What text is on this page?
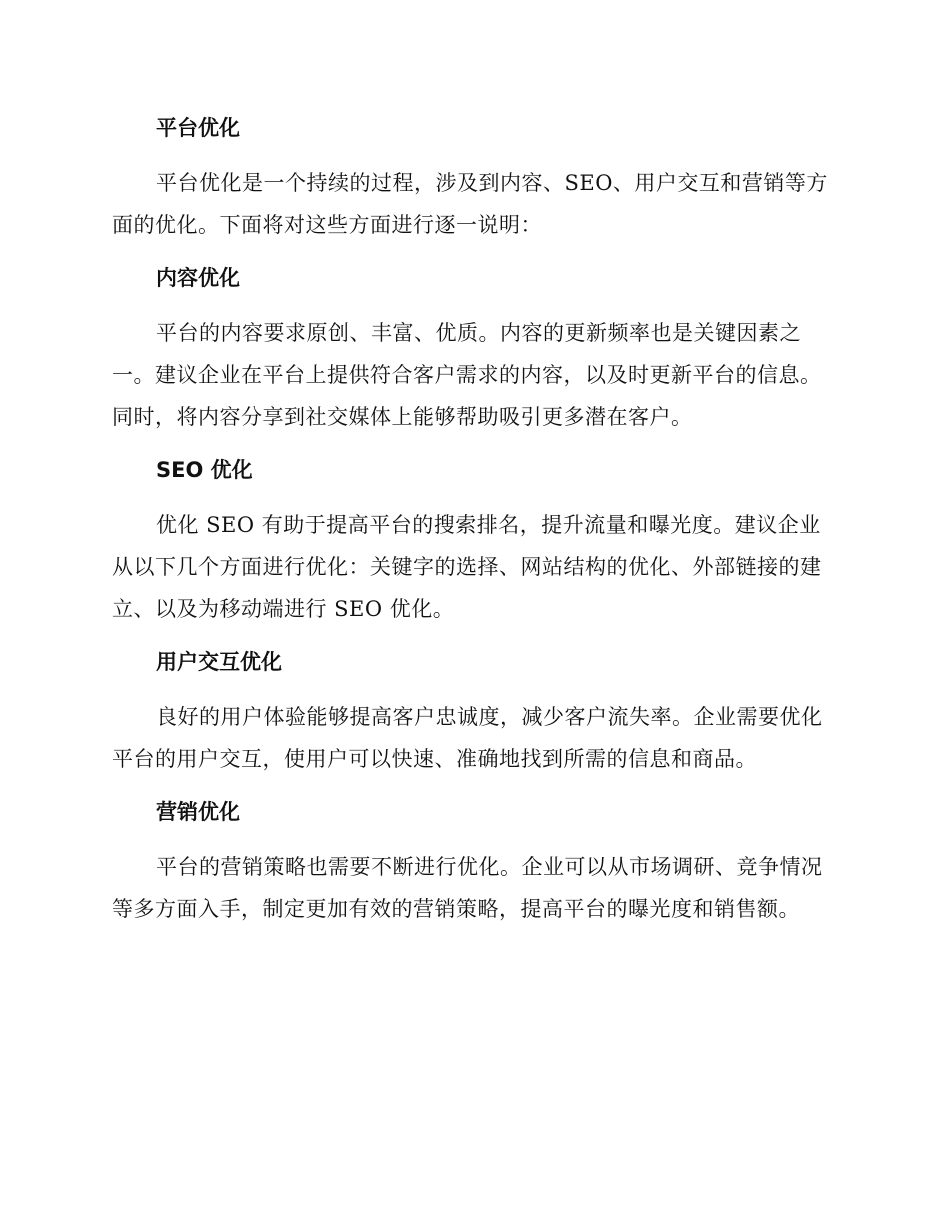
平台优化

平台优化是一个持续的过程，涉及到内容、SEO、用户交互和营销等方面的优化。下面将对这些方面进行逐一说明：

内容优化

平台的内容要求原创、丰富、优质。内容的更新频率也是关键因素之一。建议企业在平台上提供符合客户需求的内容，以及时更新平台的信息。同时，将内容分享到社交媒体上能够帮助吸引更多潜在客户。

SEO 优化

优化 SEO 有助于提高平台的搜索排名，提升流量和曝光度。建议企业从以下几个方面进行优化：关键字的选择、网站结构的优化、外部链接的建立、以及为移动端进行 SEO 优化。

用户交互优化

良好的用户体验能够提高客户忠诚度，减少客户流失率。企业需要优化平台的用户交互，使用户可以快速、准确地找到所需的信息和商品。

营销优化

平台的营销策略也需要不断进行优化。企业可以从市场调研、竞争情况等多方面入手，制定更加有效的营销策略，提高平台的曝光度和销售额。
